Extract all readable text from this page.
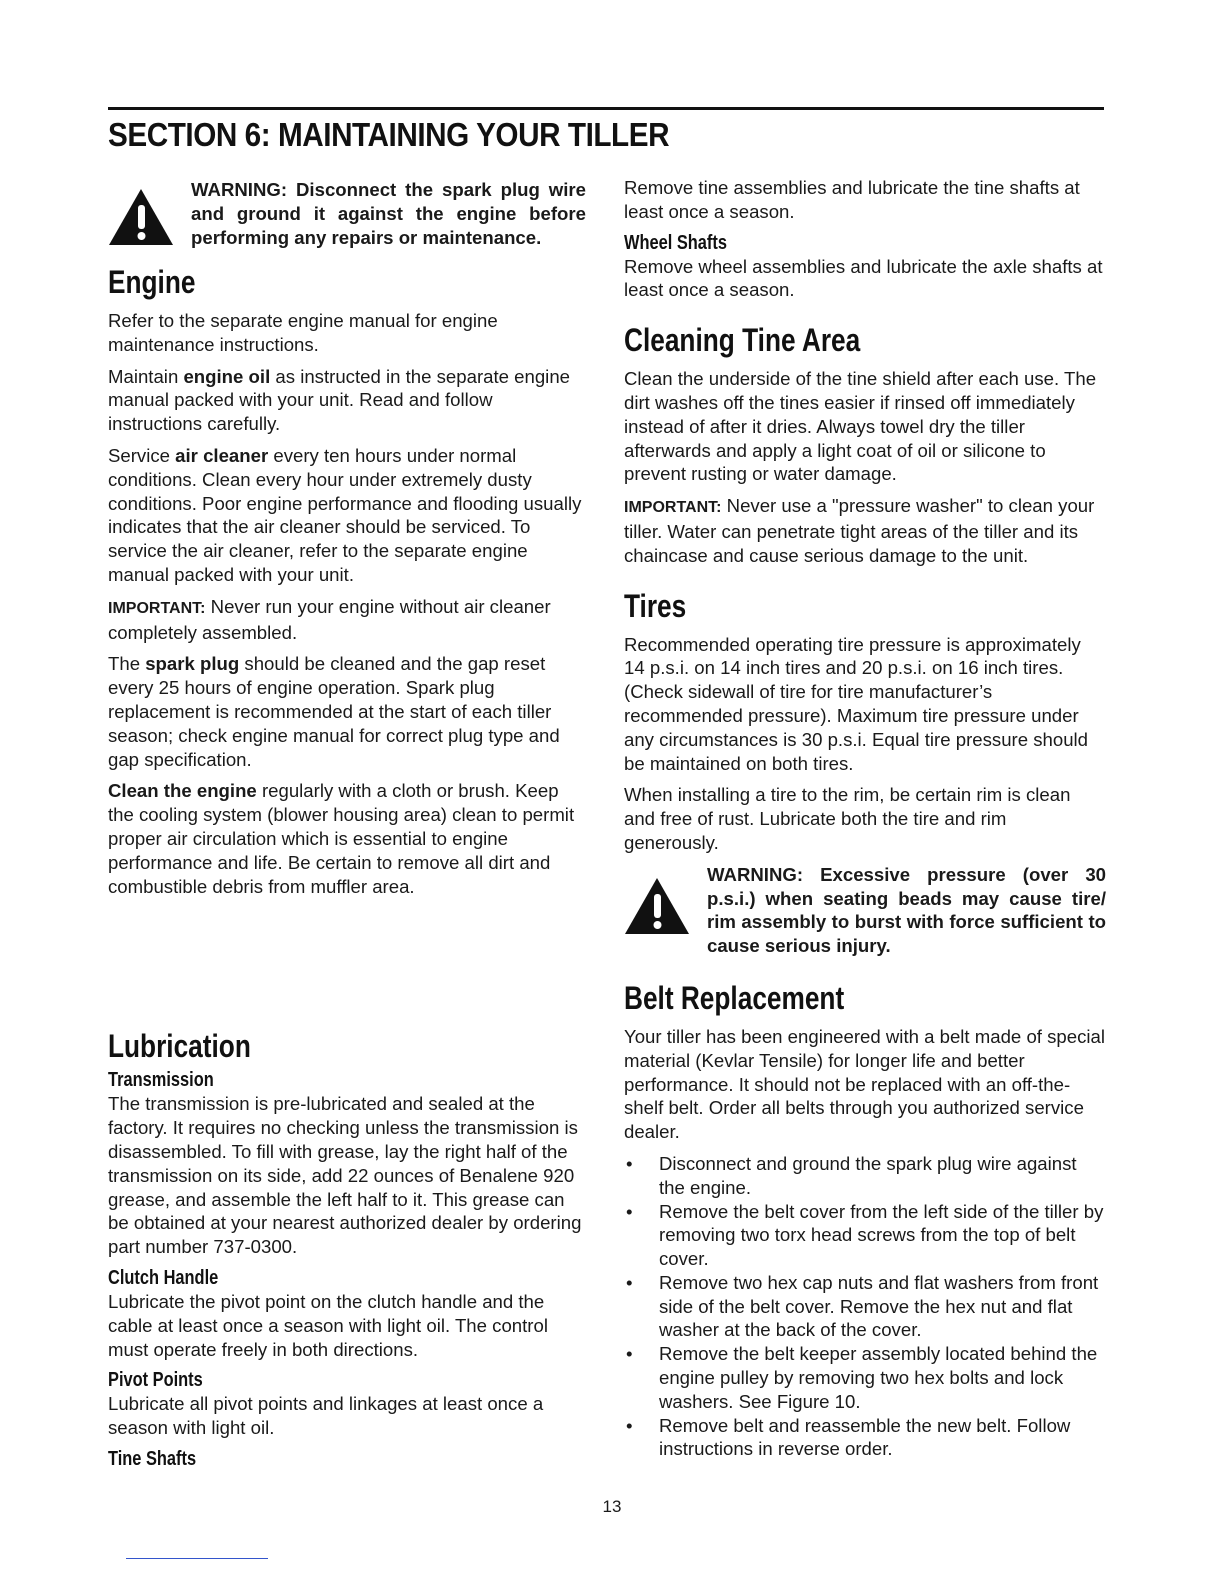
SECTION 6: MAINTAINING YOUR TILLER

WARNING: Disconnect the spark plug wire and ground it against the engine before performing any repairs or maintenance.

Engine

Refer to the separate engine manual for engine maintenance instructions.

Maintain engine oil as instructed in the separate engine manual packed with your unit. Read and follow instructions carefully.

Service air cleaner every ten hours under normal conditions. Clean every hour under extremely dusty conditions. Poor engine performance and flooding usually indicates that the air cleaner should be serviced. To service the air cleaner, refer to the separate engine manual packed with your unit.

IMPORTANT: Never run your engine without air cleaner completely assembled.

The spark plug should be cleaned and the gap reset every 25 hours of engine operation. Spark plug replacement is recommended at the start of each tiller season; check engine manual for correct plug type and gap specification.

Clean the engine regularly with a cloth or brush. Keep the cooling system (blower housing area) clean to permit proper air circulation which is essential to engine performance and life. Be certain to remove all dirt and combustible debris from muffler area.

Lubrication
Transmission

The transmission is pre-lubricated and sealed at the factory. It requires no checking unless the transmission is disassembled. To fill with grease, lay the right half of the transmission on its side, add 22 ounces of Benalene 920 grease, and assemble the left half to it. This grease can be obtained at your nearest authorized dealer by ordering part number 737-0300.

Clutch Handle

Lubricate the pivot point on the clutch handle and the cable at least once a season with light oil. The control must operate freely in both directions.

Pivot Points

Lubricate all pivot points and linkages at least once a season with light oil.

Tine Shafts

Remove tine assemblies and lubricate the tine shafts at least once a season.

Wheel Shafts

Remove wheel assemblies and lubricate the axle shafts at least once a season.

Cleaning Tine Area

Clean the underside of the tine shield after each use. The dirt washes off the tines easier if rinsed off immediately instead of after it dries. Always towel dry the tiller afterwards and apply a light coat of oil or silicone to prevent rusting or water damage.

IMPORTANT: Never use a "pressure washer" to clean your tiller. Water can penetrate tight areas of the tiller and its chaincase and cause serious damage to the unit.

Tires

Recommended operating tire pressure is approximately 14 p.s.i. on 14 inch tires and 20 p.s.i. on 16 inch tires. (Check sidewall of tire for tire manufacturer’s recommended pressure). Maximum tire pressure under any circumstances is 30 p.s.i. Equal tire pressure should be maintained on both tires.

When installing a tire to the rim, be certain rim is clean and free of rust. Lubricate both the tire and rim generously.

WARNING: Excessive pressure (over 30 p.s.i.) when seating beads may cause tire/ rim assembly to burst with force sufficient to cause serious injury.

Belt Replacement

Your tiller has been engineered with a belt made of special material (Kevlar Tensile) for longer life and better performance. It should not be replaced with an off-the-shelf belt. Order all belts through you authorized service dealer.

• Disconnect and ground the spark plug wire against the engine.
• Remove the belt cover from the left side of the tiller by removing two torx head screws from the top of belt cover.
• Remove two hex cap nuts and flat washers from front side of the belt cover. Remove the hex nut and flat washer at the back of the cover.
• Remove the belt keeper assembly located behind the engine pulley by removing two hex bolts and lock washers. See Figure 10.
• Remove belt and reassemble the new belt. Follow instructions in reverse order.
13
